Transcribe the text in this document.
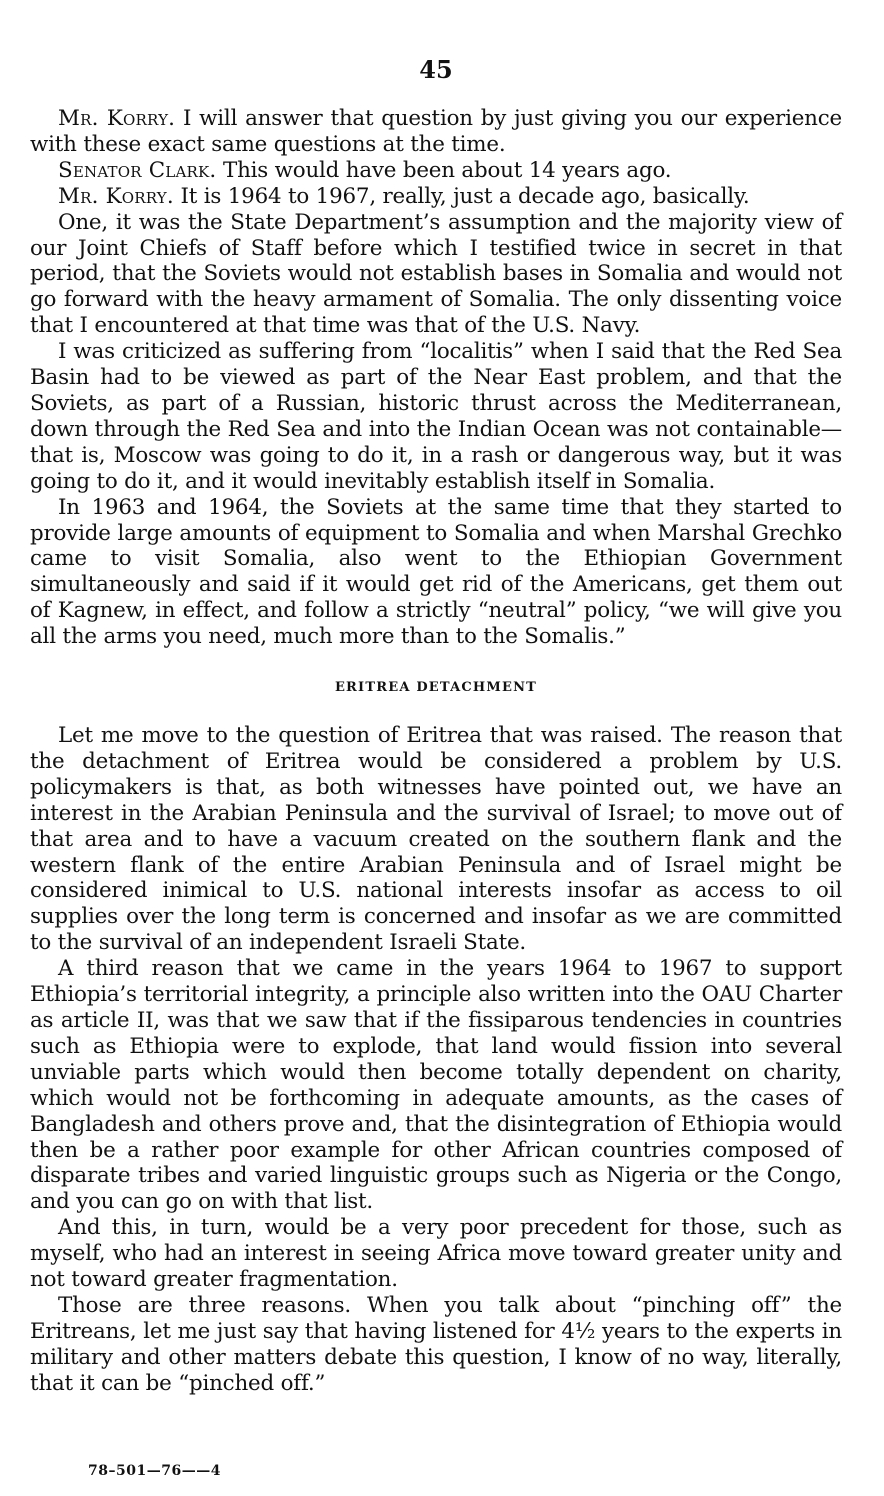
45

Mr. Korry. I will answer that question by just giving you our experience with these exact same questions at the time.

Senator Clark. This would have been about 14 years ago.

Mr. Korry. It is 1964 to 1967, really, just a decade ago, basically.

One, it was the State Department’s assumption and the majority view of our Joint Chiefs of Staff before which I testified twice in secret in that period, that the Soviets would not establish bases in Somalia and would not go forward with the heavy armament of Somalia. The only dissenting voice that I encountered at that time was that of the U.S. Navy.

I was criticized as suffering from “localitis” when I said that the Red Sea Basin had to be viewed as part of the Near East problem, and that the Soviets, as part of a Russian, historic thrust across the Mediterranean, down through the Red Sea and into the Indian Ocean was not containable—that is, Moscow was going to do it, in a rash or dangerous way, but it was going to do it, and it would inevitably establish itself in Somalia.

In 1963 and 1964, the Soviets at the same time that they started to provide large amounts of equipment to Somalia and when Marshal Grechko came to visit Somalia, also went to the Ethiopian Government simultaneously and said if it would get rid of the Americans, get them out of Kagnew, in effect, and follow a strictly “neutral” policy, “we will give you all the arms you need, much more than to the Somalis.”

ERITREA DETACHMENT

Let me move to the question of Eritrea that was raised. The reason that the detachment of Eritrea would be considered a problem by U.S. policymakers is that, as both witnesses have pointed out, we have an interest in the Arabian Peninsula and the survival of Israel; to move out of that area and to have a vacuum created on the southern flank and the western flank of the entire Arabian Peninsula and of Israel might be considered inimical to U.S. national interests insofar as access to oil supplies over the long term is concerned and insofar as we are committed to the survival of an independent Israeli State.

A third reason that we came in the years 1964 to 1967 to support Ethiopia’s territorial integrity, a principle also written into the OAU Charter as article II, was that we saw that if the fissiparous tendencies in countries such as Ethiopia were to explode, that land would fission into several unviable parts which would then become totally dependent on charity, which would not be forthcoming in adequate amounts, as the cases of Bangladesh and others prove and, that the disintegration of Ethiopia would then be a rather poor example for other African countries composed of disparate tribes and varied linguistic groups such as Nigeria or the Congo, and you can go on with that list.

And this, in turn, would be a very poor precedent for those, such as myself, who had an interest in seeing Africa move toward greater unity and not toward greater fragmentation.

Those are three reasons. When you talk about “pinching off” the Eritreans, let me just say that having listened for 4½ years to the experts in military and other matters debate this question, I know of no way, literally, that it can be “pinched off.”

78–501—76——4
